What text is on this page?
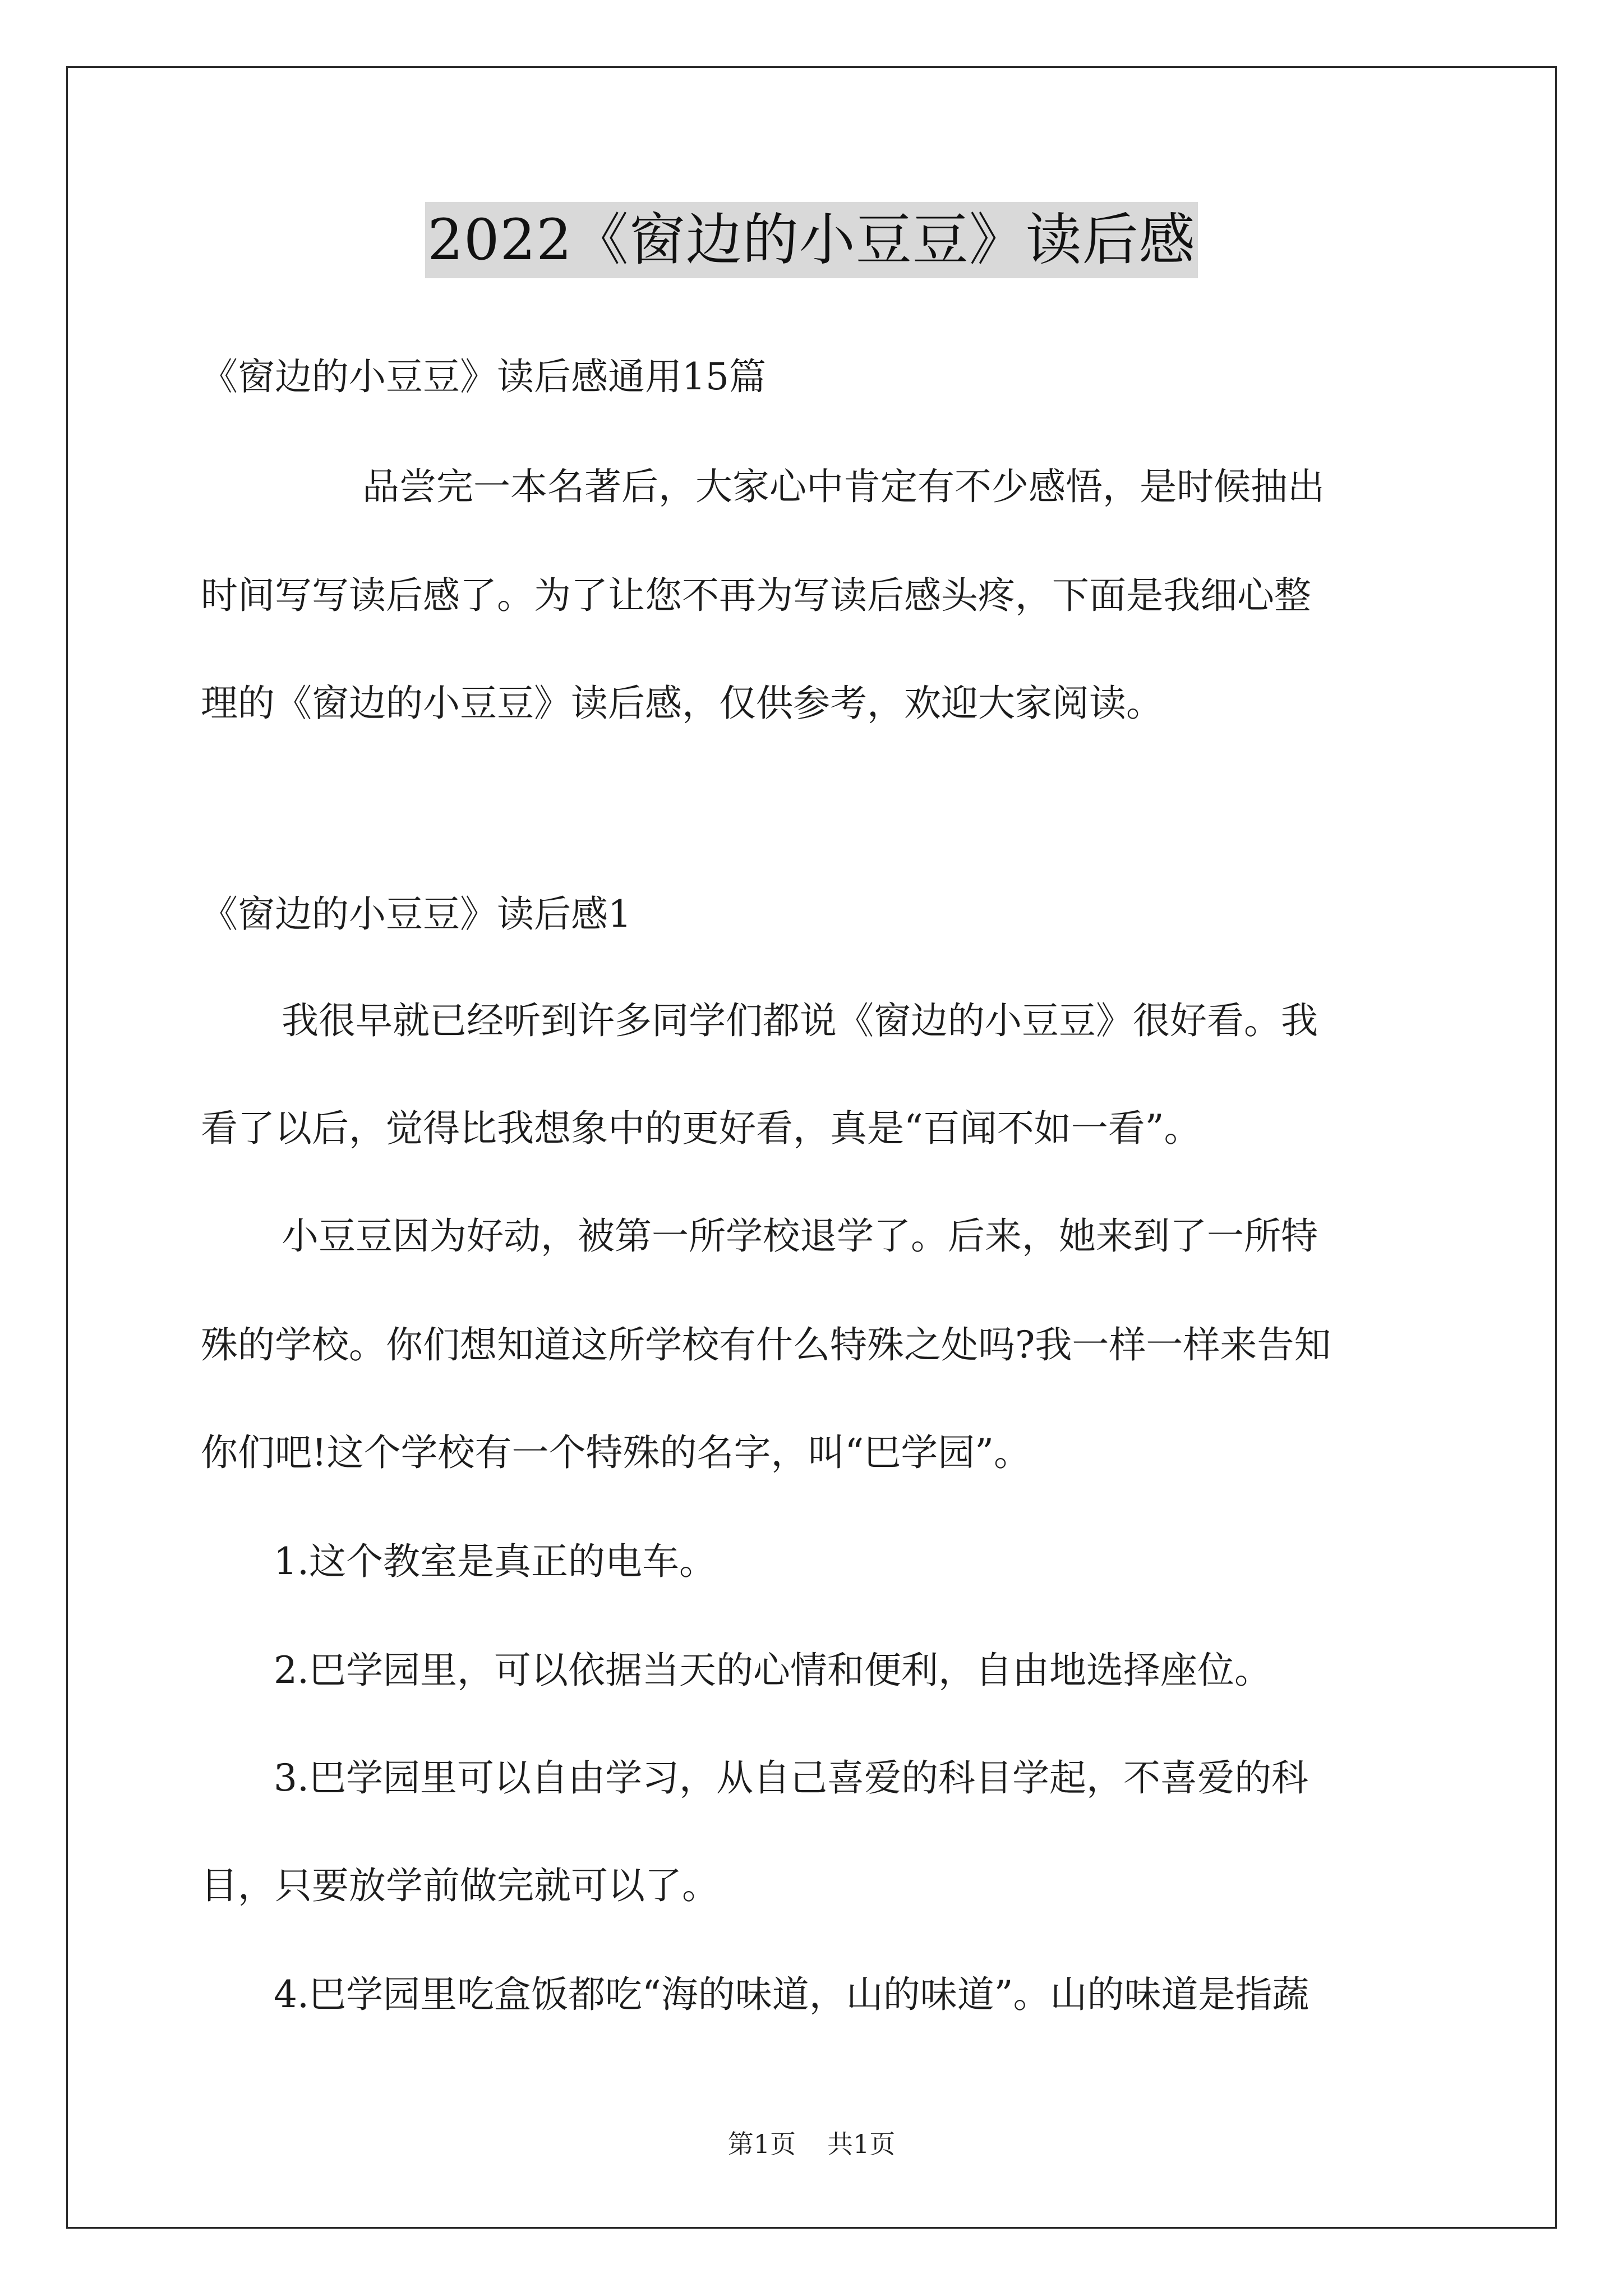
2022《窗边的小豆豆》读后感
《窗边的小豆豆》读后感通用15篇
品尝完一本名著后，大家心中肯定有不少感悟，是时候抽出
时间写写读后感了。为了让您不再为写读后感头疼，下面是我细心整
理的《窗边的小豆豆》读后感，仅供参考，欢迎大家阅读。
《窗边的小豆豆》读后感1
我很早就已经听到许多同学们都说《窗边的小豆豆》很好看。我
看了以后，觉得比我想象中的更好看，真是“百闻不如一看”。
小豆豆因为好动，被第一所学校退学了。后来，她来到了一所特
殊的学校。你们想知道这所学校有什么特殊之处吗?我一样一样来告知
你们吧!这个学校有一个特殊的名字，叫“巴学园”。
1.这个教室是真正的电车。
2.巴学园里，可以依据当天的心情和便利，自由地选择座位。
3.巴学园里可以自由学习，从自己喜爱的科目学起，不喜爱的科
目，只要放学前做完就可以了。
4.巴学园里吃盒饭都吃“海的味道，山的味道”。山的味道是指蔬
第1页 共1页
